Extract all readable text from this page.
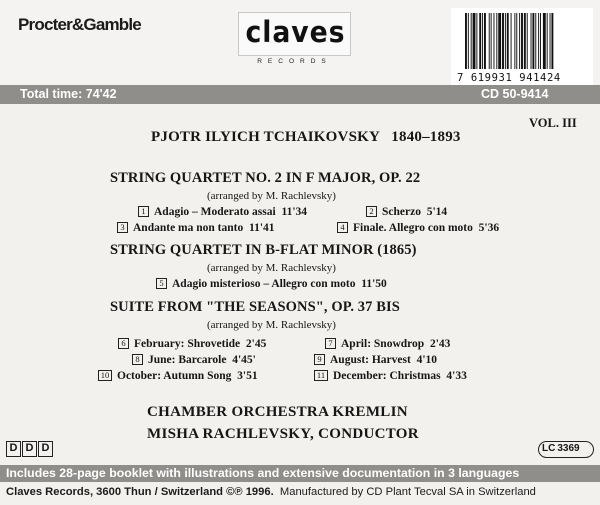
Procter&Gamble	claves
RECORDS
7 619931 941424
Total time: 74'42	CD 50-9414
VOL. III
PJOTR ILYICH TCHAIKOVSKY   1840–1893
STRING QUARTET NO. 2 IN F MAJOR, OP. 22
(arranged by M. Rachlevsky)
1 Adagio – Moderato assai 11'34	2 Scherzo 5'14
3 Andante ma non tanto 11'41	4 Finale. Allegro con moto 5'36
STRING QUARTET IN B-FLAT MINOR (1865)
(arranged by M. Rachlevsky)
5 Adagio misterioso – Allegro con moto 11'50
SUITE FROM "THE SEASONS", OP. 37 BIS
(arranged by M. Rachlevsky)
6 February: Shrovetide 2'45	7 April: Snowdrop 2'43
8 June: Barcarole 4'45'	9 August: Harvest 4'10
10 October: Autumn Song 3'51	11 December: Christmas 4'33
CHAMBER ORCHESTRA KREMLIN
MISHA RACHLEVSKY, CONDUCTOR
D D D	LC 3369
Includes 28-page booklet with illustrations and extensive documentation in 3 languages
Claves Records, 3600 Thun / Switzerland ©℗ 1996. Manufactured by CD Plant Tecval SA in Switzerland
